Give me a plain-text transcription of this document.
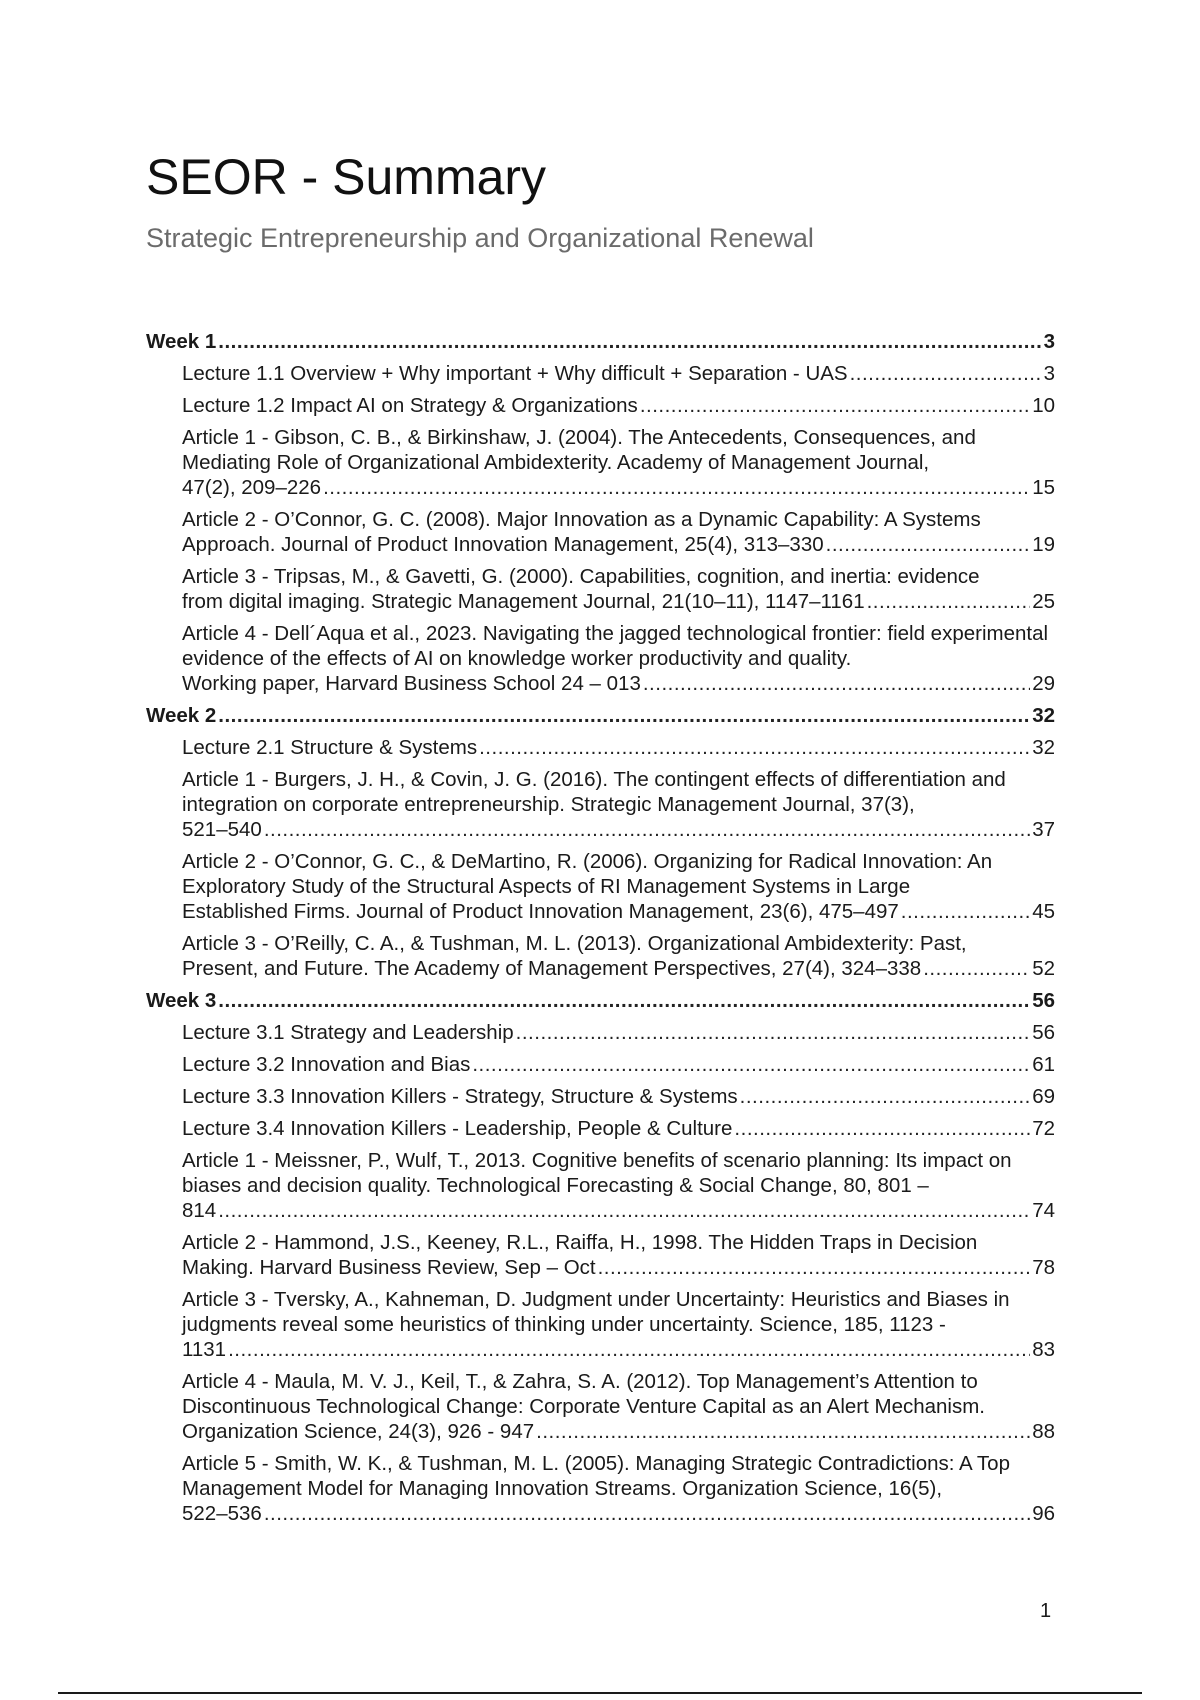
SEOR - Summary
Strategic Entrepreneurship and Organizational Renewal
Week 1 .....	3
Lecture 1.1 Overview + Why important + Why difficult + Separation - UAS .....	3
Lecture 1.2 Impact AI on Strategy & Organizations .....	10
Article 1 - Gibson, C. B., & Birkinshaw, J. (2004). The Antecedents, Consequences, and Mediating Role of Organizational Ambidexterity. Academy of Management Journal,
47(2), 209–226 .....	15
Article 2 - O’Connor, G. C. (2008). Major Innovation as a Dynamic Capability: A Systems
Approach. Journal of Product Innovation Management, 25(4), 313–330 .....	19
Article 3 - Tripsas, M., & Gavetti, G. (2000). Capabilities, cognition, and inertia: evidence
from digital imaging. Strategic Management Journal, 21(10–11), 1147–1161 .....	25
Article 4 - Dell´Aqua et al., 2023. Navigating the jagged technological frontier: field experimental evidence of the effects of AI on knowledge worker productivity and quality.
Working paper, Harvard Business School 24 – 013 .....	29
Week 2 .....	32
Lecture 2.1 Structure & Systems .....	32
Article 1 - Burgers, J. H., & Covin, J. G. (2016). The contingent effects of differentiation and integration on corporate entrepreneurship. Strategic Management Journal, 37(3),
521–540 .....	37
Article 2 - O’Connor, G. C., & DeMartino, R. (2006). Organizing for Radical Innovation: An Exploratory Study of the Structural Aspects of RI Management Systems in Large
Established Firms. Journal of Product Innovation Management, 23(6), 475–497 .....	45
Article 3 - O’Reilly, C. A., & Tushman, M. L. (2013). Organizational Ambidexterity: Past,
Present, and Future. The Academy of Management Perspectives, 27(4), 324–338 .....	52
Week 3 .....	56
Lecture 3.1 Strategy and Leadership .....	56
Lecture 3.2 Innovation and Bias .....	61
Lecture 3.3 Innovation Killers - Strategy, Structure & Systems .....	69
Lecture 3.4 Innovation Killers - Leadership, People & Culture .....	72
Article 1 - Meissner, P., Wulf, T., 2013. Cognitive benefits of scenario planning: Its impact on biases and decision quality. Technological Forecasting & Social Change, 80, 801 –
814 .....	74
Article 2 - Hammond, J.S., Keeney, R.L., Raiffa, H., 1998. The Hidden Traps in Decision
Making. Harvard Business Review, Sep – Oct .....	78
Article 3 - Tversky, A., Kahneman, D. Judgment under Uncertainty: Heuristics and Biases in judgments reveal some heuristics of thinking under uncertainty. Science, 185, 1123 -
1131 .....	83
Article 4 - Maula, M. V. J., Keil, T., & Zahra, S. A. (2012). Top Management’s Attention to Discontinuous Technological Change: Corporate Venture Capital as an Alert Mechanism.
Organization Science, 24(3), 926 - 947 .....	88
Article 5 - Smith, W. K., & Tushman, M. L. (2005). Managing Strategic Contradictions: A Top Management Model for Managing Innovation Streams. Organization Science, 16(5),
522–536 .....	96
1
